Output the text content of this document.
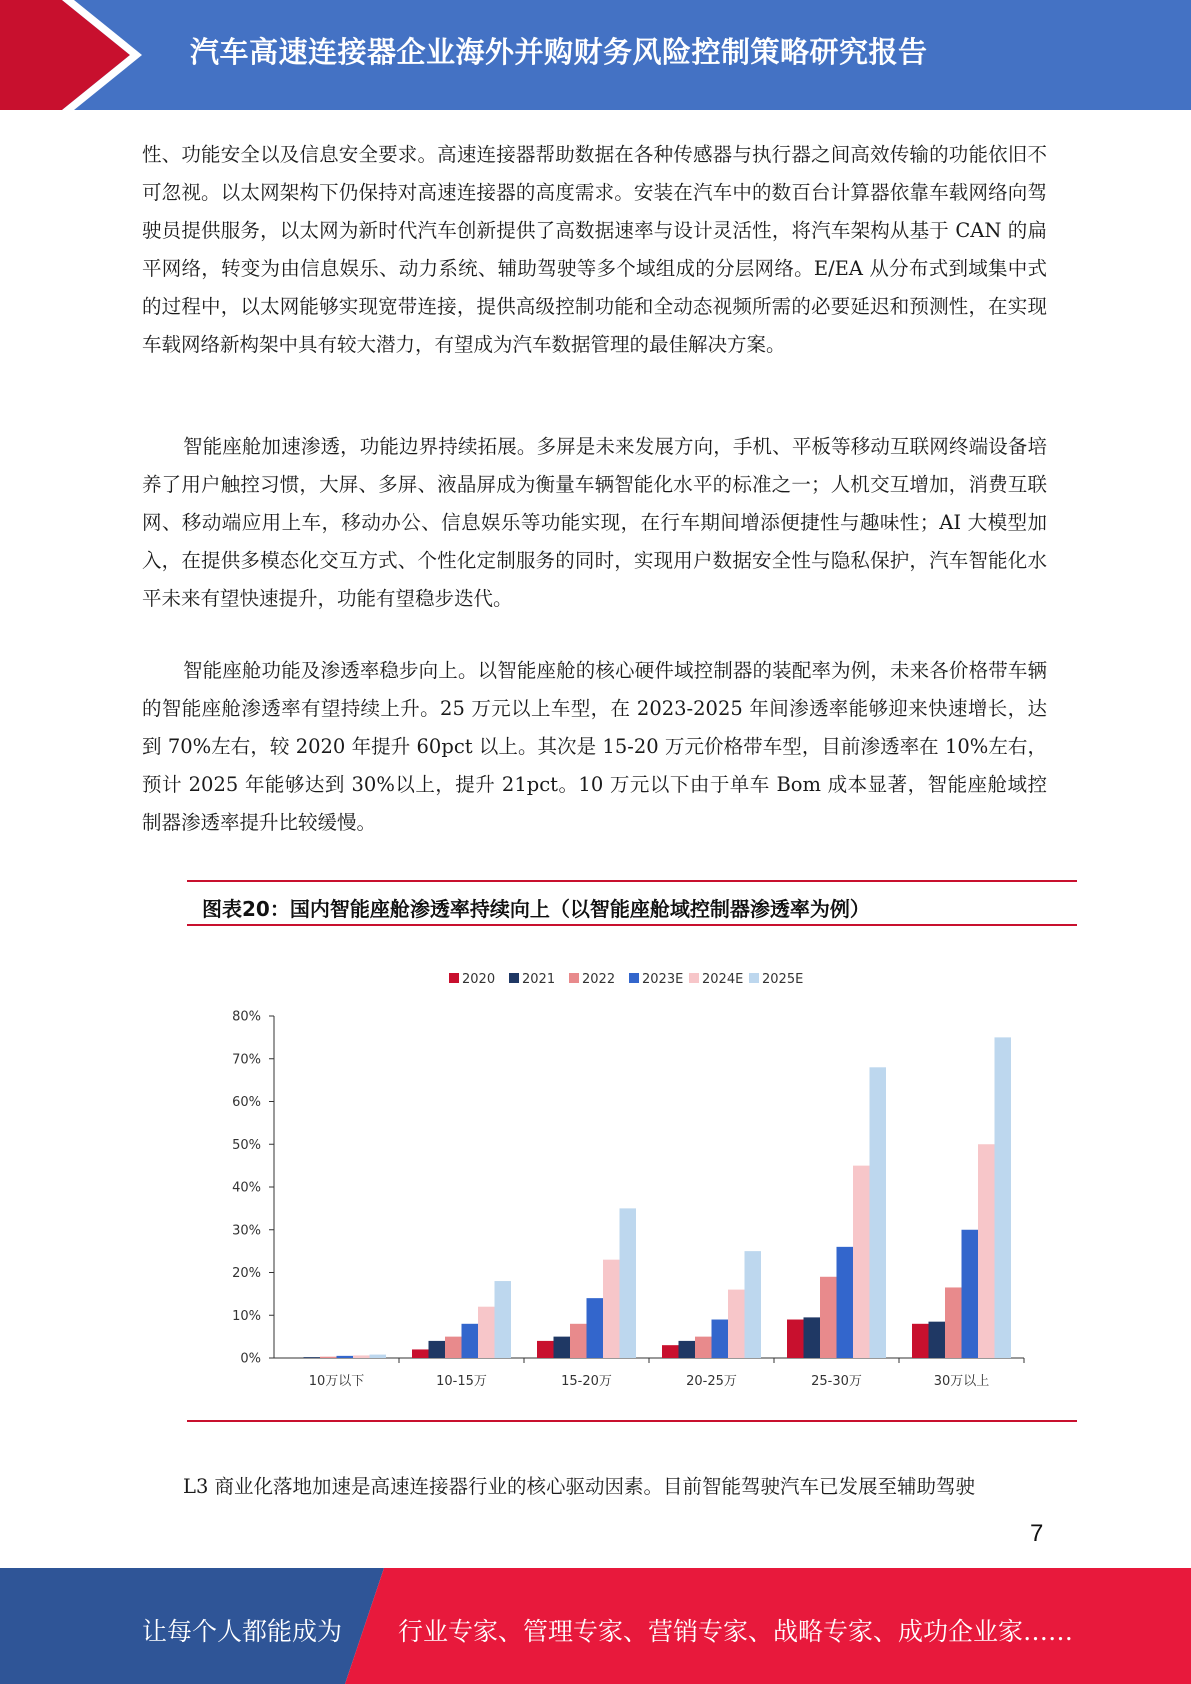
汽车高速连接器企业海外并购财务风险控制策略研究报告

性、功能安全以及信息安全要求。高速连接器帮助数据在各种传感器与执行器之间高效传输的功能依旧不可忽视。以太网架构下仍保持对高速连接器的高度需求。安装在汽车中的数百台计算器依靠车载网络向驾驶员提供服务，以太网为新时代汽车创新提供了高数据速率与设计灵活性，将汽车架构从基于 CAN 的扁平网络，转变为由信息娱乐、动力系统、辅助驾驶等多个域组成的分层网络。E/EA 从分布式到域集中式的过程中，以太网能够实现宽带连接，提供高级控制功能和全动态视频所需的必要延迟和预测性，在实现车载网络新构架中具有较大潜力，有望成为汽车数据管理的最佳解决方案。

智能座舱加速渗透，功能边界持续拓展。多屏是未来发展方向，手机、平板等移动互联网终端设备培养了用户触控习惯，大屏、多屏、液晶屏成为衡量车辆智能化水平的标准之一；人机交互增加，消费互联网、移动端应用上车，移动办公、信息娱乐等功能实现，在行车期间增添便捷性与趣味性；AI 大模型加入，在提供多模态化交互方式、个性化定制服务的同时，实现用户数据安全性与隐私保护，汽车智能化水平未来有望快速提升，功能有望稳步迭代。

智能座舱功能及渗透率稳步向上。以智能座舱的核心硬件域控制器的装配率为例，未来各价格带车辆的智能座舱渗透率有望持续上升。25 万元以上车型，在 2023-2025 年间渗透率能够迎来快速增长，达到 70%左右，较 2020 年提升 60pct 以上。其次是 15-20 万元价格带车型，目前渗透率在 10%左右，预计 2025 年能够达到 30%以上，提升 21pct。10 万元以下由于单车 Bom 成本显著，智能座舱域控制器渗透率提升比较缓慢。

图表20：国内智能座舱渗透率持续向上（以智能座舱域控制器渗透率为例）
2020 2021 2022 2023E 2024E 2025E
0%
10%
20%
30%
40%
50%
60%
70%
80%
10万以下	10-15万	15-20万	20-25万	25-30万	30万以上

L3 商业化落地加速是高速连接器行业的核心驱动因素。目前智能驾驶汽车已发展至辅助驾驶

7
让每个人都能成为 行业专家、管理专家、营销专家、战略专家、成功企业家……
